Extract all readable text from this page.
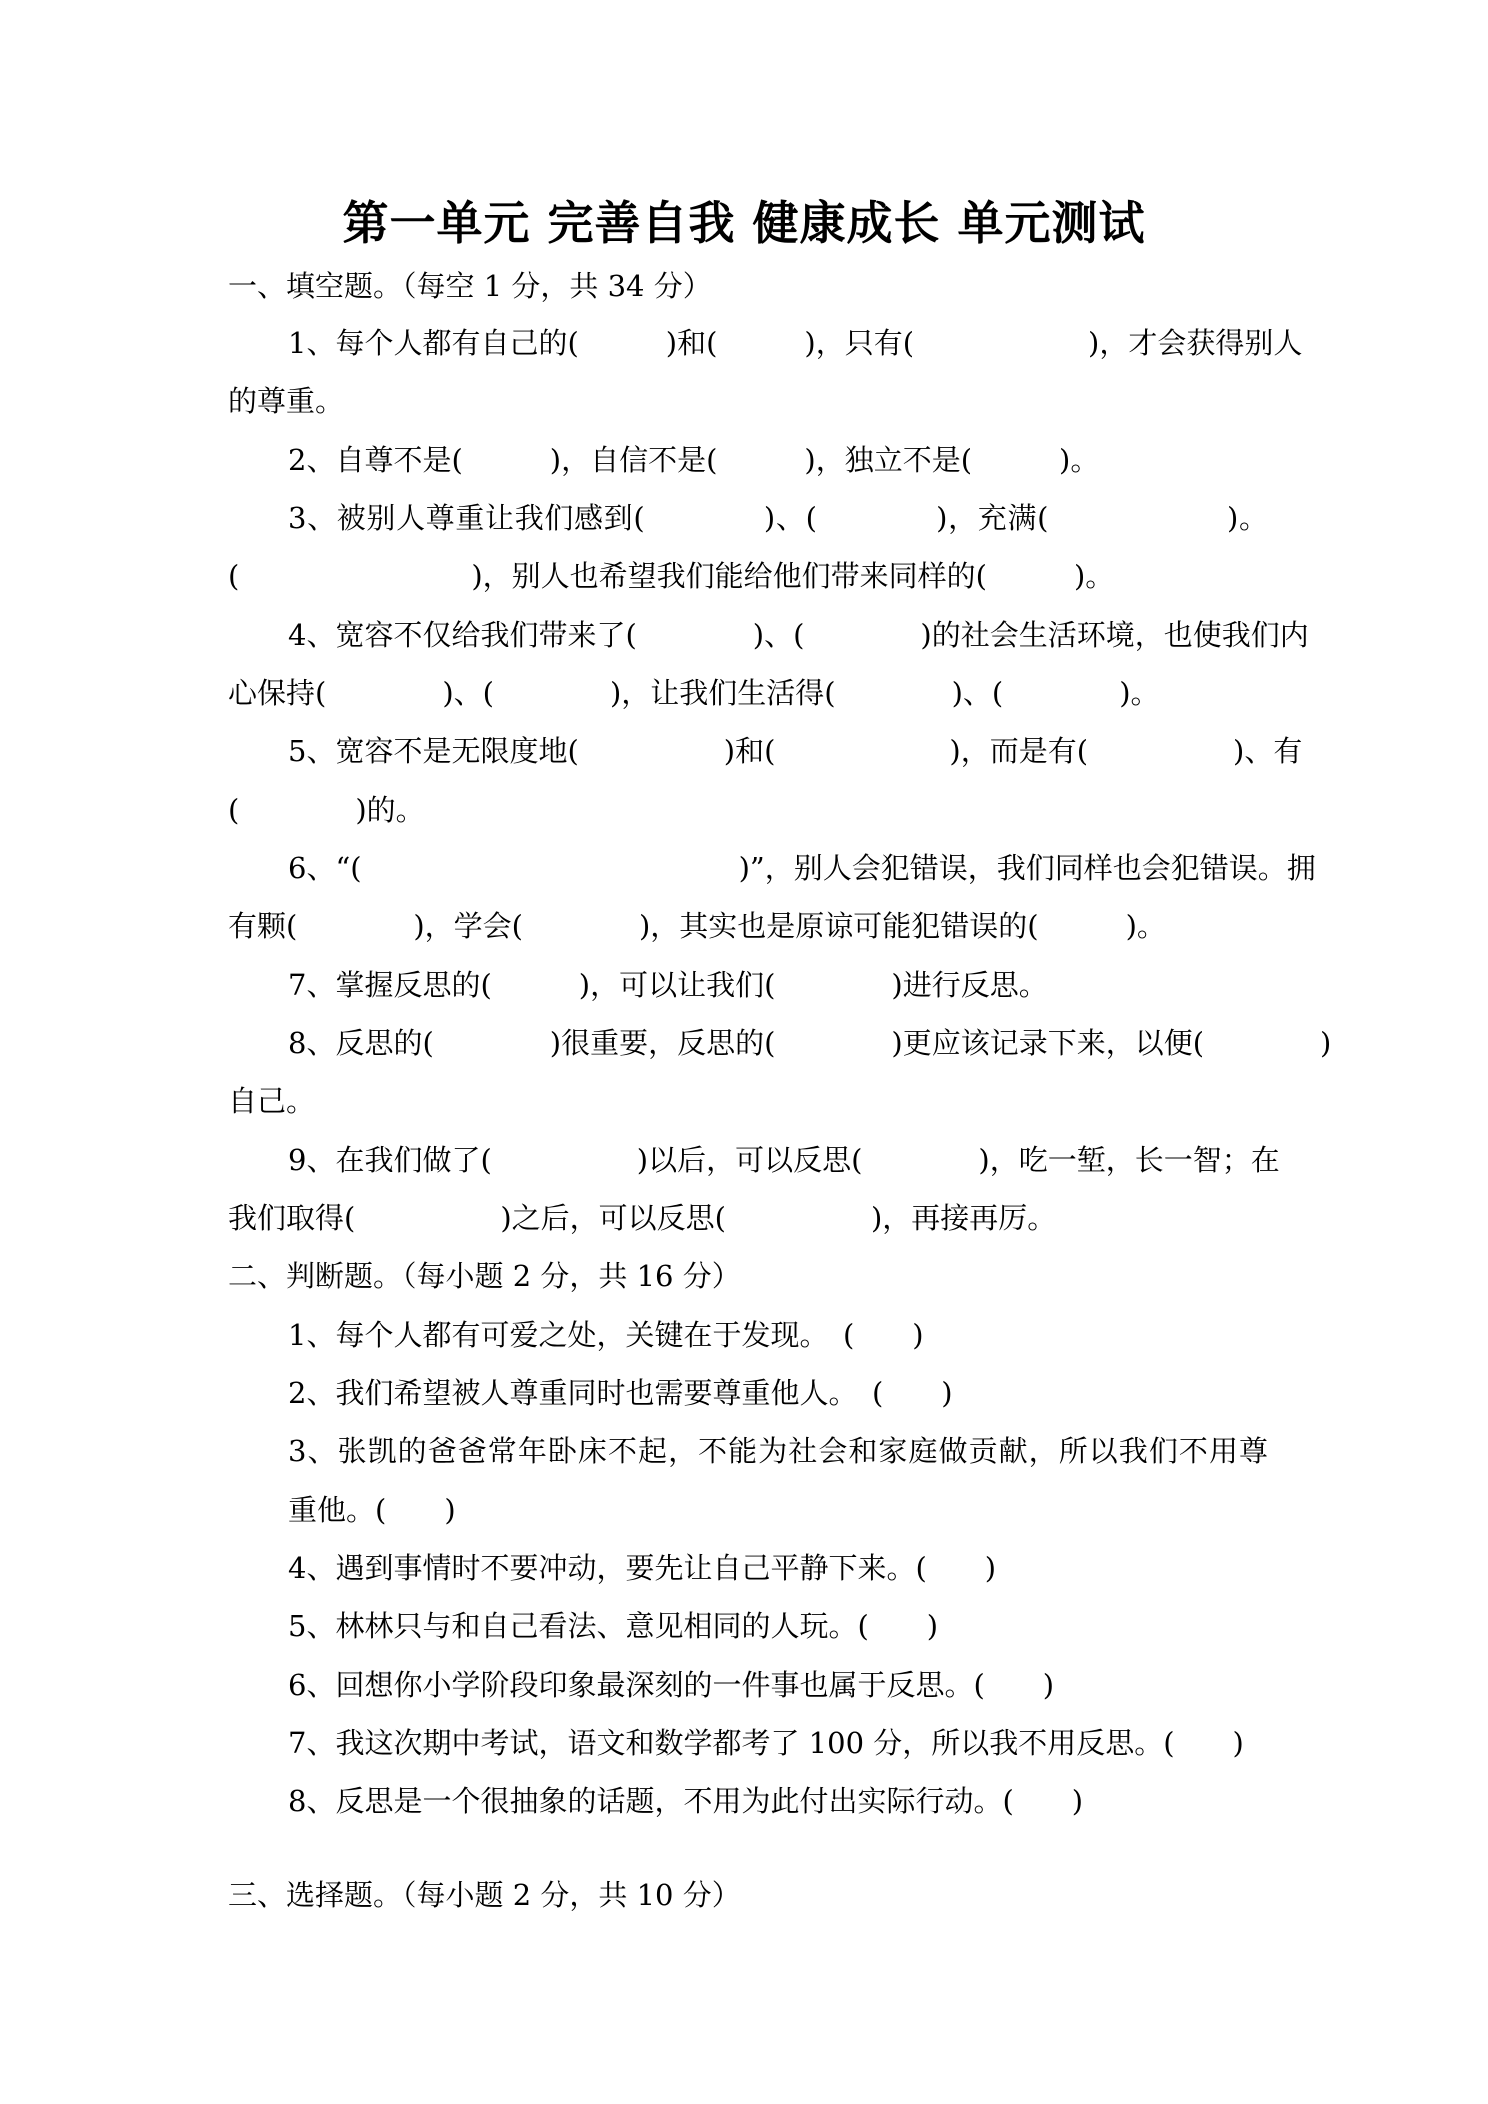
第一单元 完善自我 健康成长 单元测试
一、填空题。（每空 1 分，共 34 分）
1、每个人都有自己的(　　　)和(　　　)，只有(　　　　　　)，才会获得别人
的尊重。
2、自尊不是(　　　)，自信不是(　　　)，独立不是(　　　)。
3、被别人尊重让我们感到(　　　　)、(　　　　)，充满(　　　　　　)。
(　　　　　　　　)，别人也希望我们能给他们带来同样的(　　　)。
4、宽容不仅给我们带来了(　　　　)、(　　　　)的社会生活环境，也使我们内
心保持(　　　　)、(　　　　)，让我们生活得(　　　　)、(　　　　)。
5、宽容不是无限度地(　　　　　)和(　　　　　　)，而是有(　　　　　)、有
(　　　　)的。
6、“(　　　　　　　　　　　　　)”，别人会犯错误，我们同样也会犯错误。拥
有颗(　　　　)，学会(　　　　)，其实也是原谅可能犯错误的(　　　)。
7、掌握反思的(　　　)，可以让我们(　　　　)进行反思。
8、反思的(　　　　)很重要，反思的(　　　　)更应该记录下来，以便(　　　　)
自己。
9、在我们做了(　　　　　)以后，可以反思(　　　　)，吃一堑，长一智；在
我们取得(　　　　　)之后，可以反思(　　　　　)，再接再厉。
二、判断题。（每小题 2 分，共 16 分）
1、每个人都有可爱之处，关键在于发现。　(　　)
2、我们希望被人尊重同时也需要尊重他人。　(　　)
3、张凯的爸爸常年卧床不起，不能为社会和家庭做贡献，所以我们不用尊
重他。(　　)
4、遇到事情时不要冲动，要先让自己平静下来。(　　)
5、林林只与和自己看法、意见相同的人玩。(　　)
6、回想你小学阶段印象最深刻的一件事也属于反思。(　　)
7、我这次期中考试，语文和数学都考了 100 分，所以我不用反思。(　　)
8、反思是一个很抽象的话题，不用为此付出实际行动。(　　)
三、选择题。（每小题 2 分，共 10 分）
